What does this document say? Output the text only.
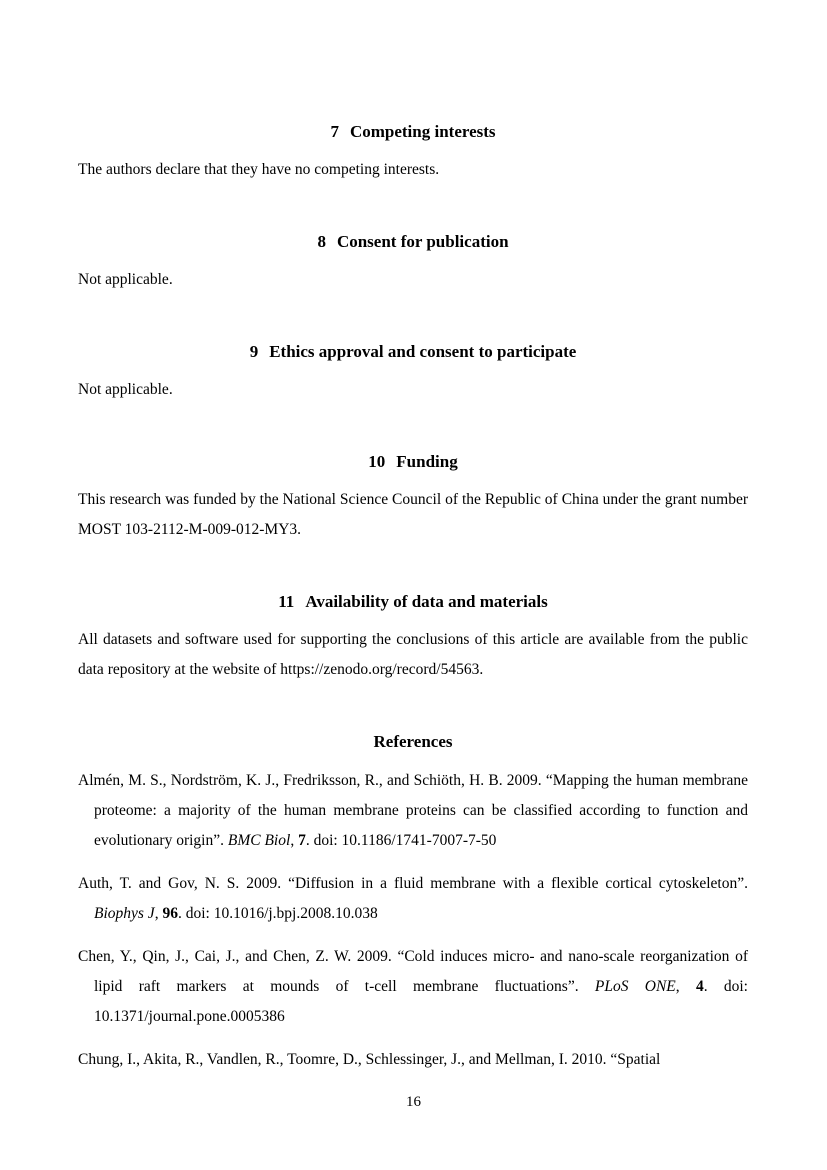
7 Competing interests

The authors declare that they have no competing interests.

8 Consent for publication

Not applicable.

9 Ethics approval and consent to participate

Not applicable.

10 Funding

This research was funded by the National Science Council of the Republic of China under the grant number MOST 103-2112-M-009-012-MY3.

11 Availability of data and materials

All datasets and software used for supporting the conclusions of this article are available from the public data repository at the website of https://zenodo.org/record/54563.

References

Almén, M. S., Nordström, K. J., Fredriksson, R., and Schiöth, H. B. 2009. “Mapping the human membrane proteome: a majority of the human membrane proteins can be classified according to function and evolutionary origin”. BMC Biol, 7. doi: 10.1186/1741-7007-7-50

Auth, T. and Gov, N. S. 2009. “Diffusion in a fluid membrane with a flexible cortical cytoskeleton”. Biophys J, 96. doi: 10.1016/j.bpj.2008.10.038

Chen, Y., Qin, J., Cai, J., and Chen, Z. W. 2009. “Cold induces micro- and nano-scale reorganization of lipid raft markers at mounds of t-cell membrane fluctuations”. PLoS ONE, 4. doi: 10.1371/journal.pone.0005386

Chung, I., Akita, R., Vandlen, R., Toomre, D., Schlessinger, J., and Mellman, I. 2010. “Spatial

16
